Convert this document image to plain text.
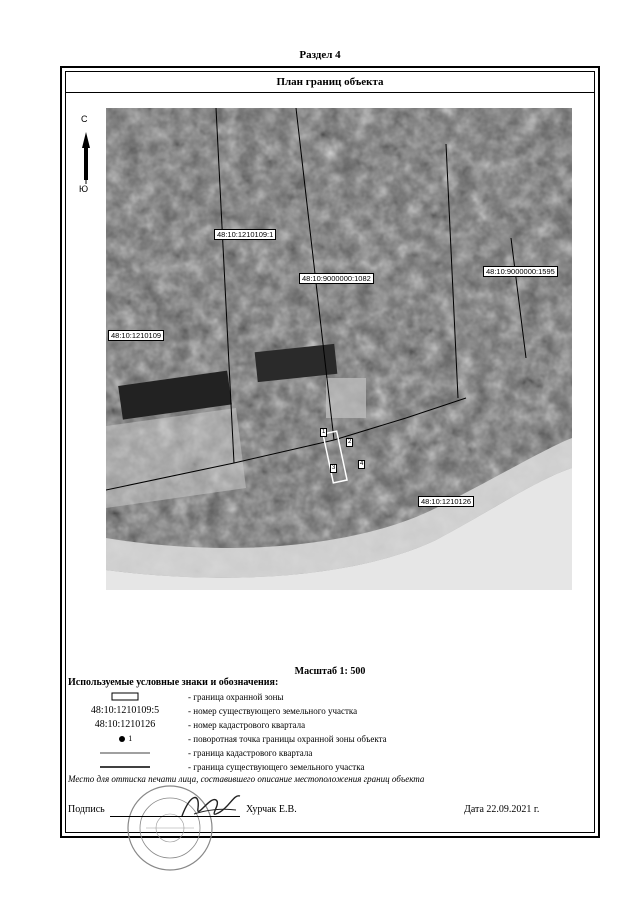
Раздел 4
План границ объекта
С
Ю
48:10:1210109:1
48:10:9000000:1082
48:10:9000000:1595
48:10:1210109
48:10:1210126
1
2
3
4
Масштаб 1: 500
Используемые условные знаки и обозначения:
- граница охранной зоны
48:10:1210109:5	- номер существующего земельного участка
48:10:1210126	- номер кадастрового квартала
1	- поворотная точка границы охранной зоны объекта
- граница кадастрового квартала
- граница существующего земельного участка
Место для оттиска печати лица, составившего описание местоположения границ объекта
Подпись	Хурчак Е.В.	Дата 22.09.2021 г.
